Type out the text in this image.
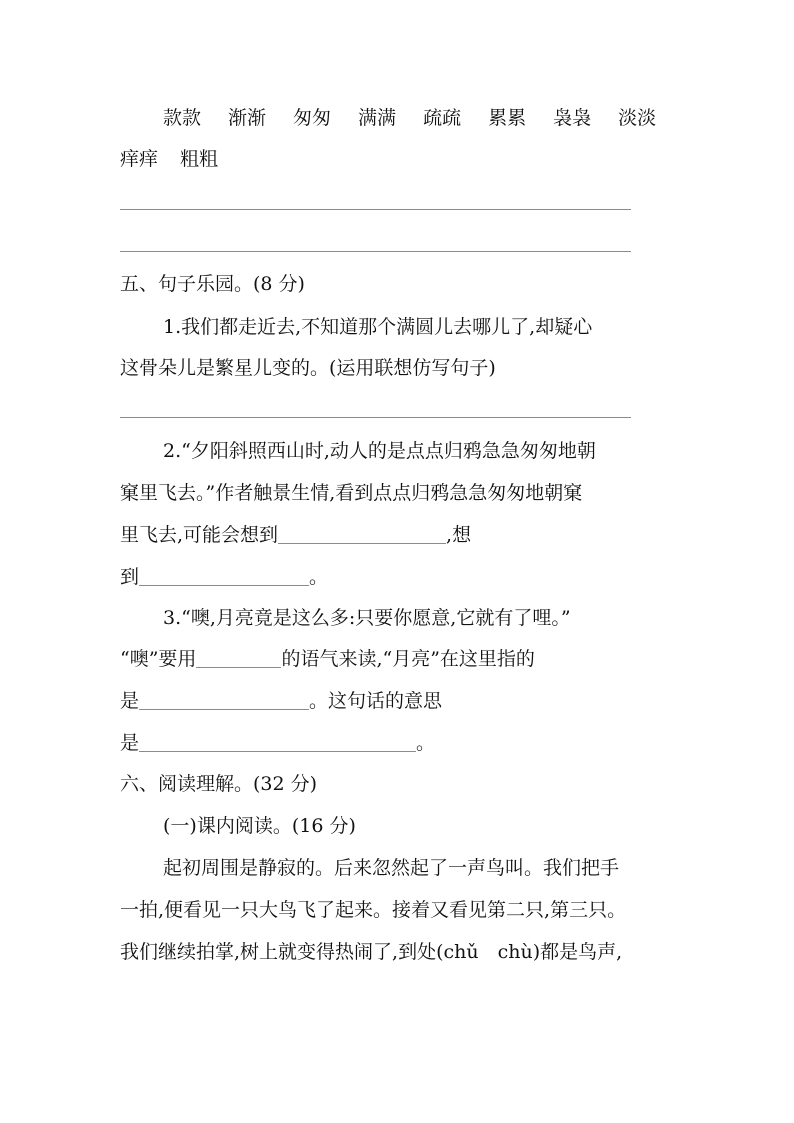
款款 渐渐 匆匆 满满 疏疏 累累 袅袅 淡淡
痒痒 粗粗
五、句子乐园。(8 分)
1.我们都走近去,不知道那个满圆儿去哪儿了,却疑心
这骨朵儿是繁星儿变的。(运用联想仿写句子)
2.“夕阳斜照西山时,动人的是点点归鸦急急匆匆地朝
窠里飞去。”作者触景生情,看到点点归鸦急急匆匆地朝窠
里飞去,可能会想到	,想
到	。
3.“噢,月亮竟是这么多:只要你愿意,它就有了哩。”
“噢”要用	的语气来读,“月亮”在这里指的
是	。这句话的意思
是	。
六、阅读理解。(32 分)
(一)课内阅读。(16 分)
起初周围是静寂的。后来忽然起了一声鸟叫。我们把手
一拍,便看见一只大鸟飞了起来。接着又看见第二只,第三只。
我们继续拍掌,树上就变得热闹了,到处(chǔ　chù)都是鸟声,
